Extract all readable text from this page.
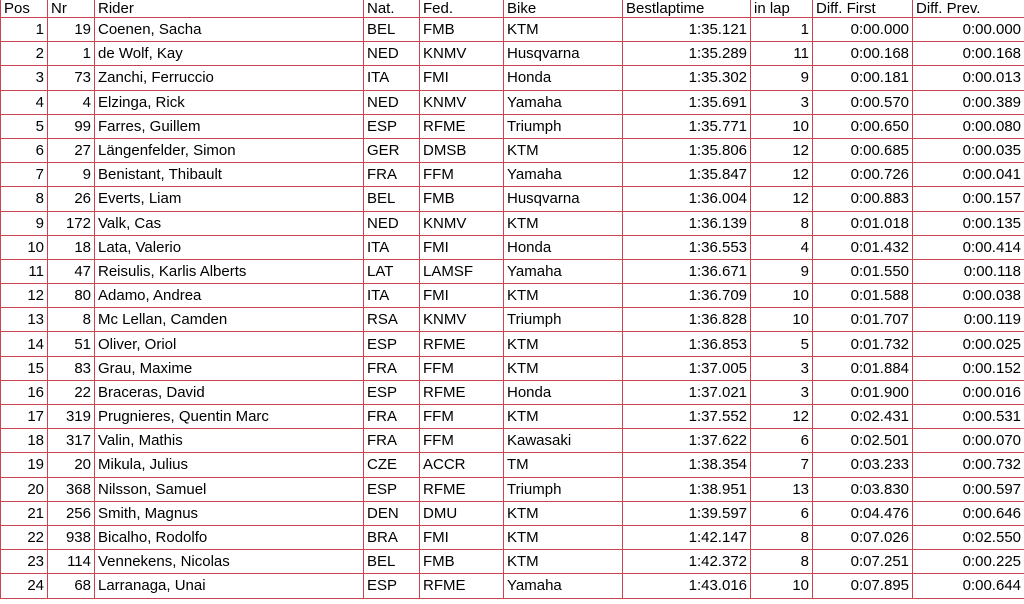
Pos	Nr	Rider	Nat.	Fed.	Bike	Bestlaptime	in lap	Diff. First	Diff. Prev.
1	19	Coenen, Sacha	BEL	FMB	KTM	1:35.121	1	0:00.000	0:00.000
2	1	de Wolf, Kay	NED	KNMV	Husqvarna	1:35.289	11	0:00.168	0:00.168
3	73	Zanchi, Ferruccio	ITA	FMI	Honda	1:35.302	9	0:00.181	0:00.013
4	4	Elzinga, Rick	NED	KNMV	Yamaha	1:35.691	3	0:00.570	0:00.389
5	99	Farres, Guillem	ESP	RFME	Triumph	1:35.771	10	0:00.650	0:00.080
6	27	Längenfelder, Simon	GER	DMSB	KTM	1:35.806	12	0:00.685	0:00.035
7	9	Benistant, Thibault	FRA	FFM	Yamaha	1:35.847	12	0:00.726	0:00.041
8	26	Everts, Liam	BEL	FMB	Husqvarna	1:36.004	12	0:00.883	0:00.157
9	172	Valk, Cas	NED	KNMV	KTM	1:36.139	8	0:01.018	0:00.135
10	18	Lata, Valerio	ITA	FMI	Honda	1:36.553	4	0:01.432	0:00.414
11	47	Reisulis, Karlis Alberts	LAT	LAMSF	Yamaha	1:36.671	9	0:01.550	0:00.118
12	80	Adamo, Andrea	ITA	FMI	KTM	1:36.709	10	0:01.588	0:00.038
13	8	Mc Lellan, Camden	RSA	KNMV	Triumph	1:36.828	10	0:01.707	0:00.119
14	51	Oliver, Oriol	ESP	RFME	KTM	1:36.853	5	0:01.732	0:00.025
15	83	Grau, Maxime	FRA	FFM	KTM	1:37.005	3	0:01.884	0:00.152
16	22	Braceras, David	ESP	RFME	Honda	1:37.021	3	0:01.900	0:00.016
17	319	Prugnieres, Quentin Marc	FRA	FFM	KTM	1:37.552	12	0:02.431	0:00.531
18	317	Valin, Mathis	FRA	FFM	Kawasaki	1:37.622	6	0:02.501	0:00.070
19	20	Mikula, Julius	CZE	ACCR	TM	1:38.354	7	0:03.233	0:00.732
20	368	Nilsson, Samuel	ESP	RFME	Triumph	1:38.951	13	0:03.830	0:00.597
21	256	Smith, Magnus	DEN	DMU	KTM	1:39.597	6	0:04.476	0:00.646
22	938	Bicalho, Rodolfo	BRA	FMI	KTM	1:42.147	8	0:07.026	0:02.550
23	114	Vennekens, Nicolas	BEL	FMB	KTM	1:42.372	8	0:07.251	0:00.225
24	68	Larranaga, Unai	ESP	RFME	Yamaha	1:43.016	10	0:07.895	0:00.644
